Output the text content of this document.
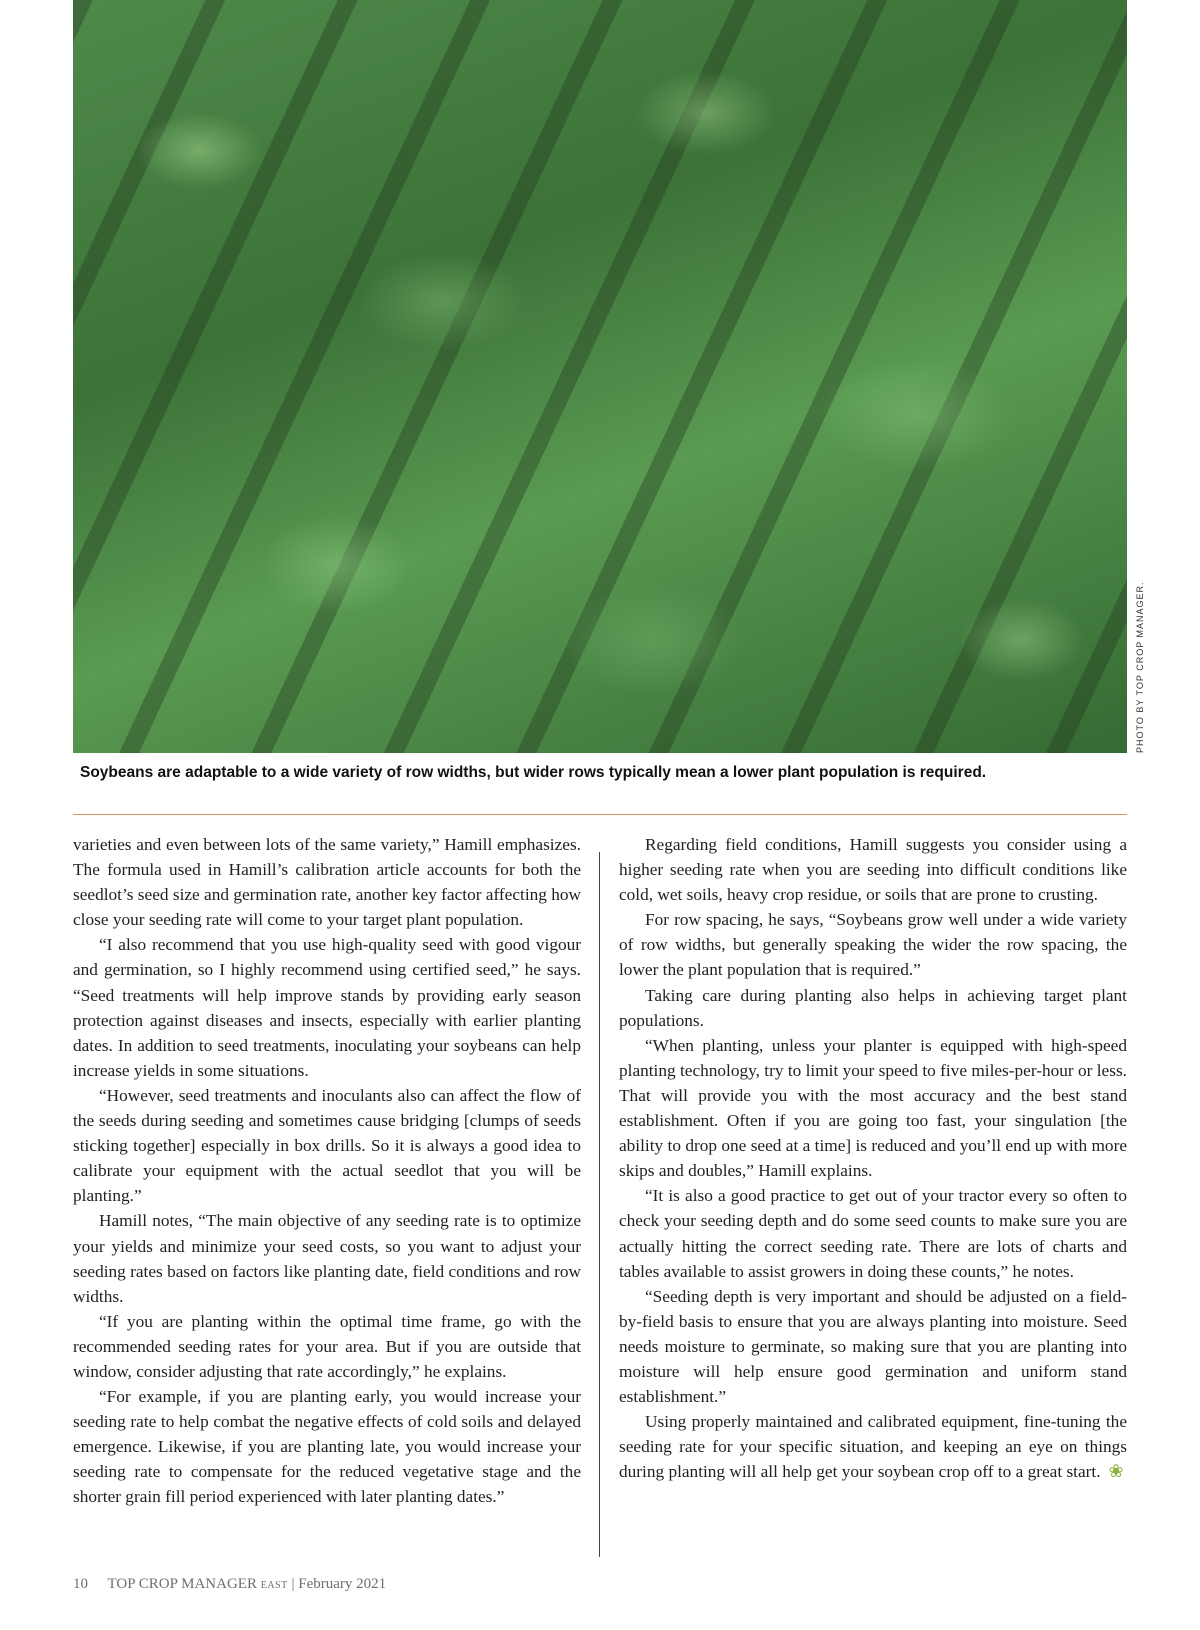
PHOTO BY TOP CROP MANAGER.
Soybeans are adaptable to a wide variety of row widths, but wider rows typically mean a lower plant population is required.

varieties and even between lots of the same variety,” Hamill emphasizes. The formula used in Hamill’s calibration article accounts for both the seedlot’s seed size and germination rate, another key factor affecting how close your seeding rate will come to your target plant population.

“I also recommend that you use high-quality seed with good vigour and germination, so I highly recommend using certified seed,” he says. “Seed treatments will help improve stands by providing early season protection against diseases and insects, especially with earlier planting dates. In addition to seed treatments, inoculating your soybeans can help increase yields in some situations.

“However, seed treatments and inoculants also can affect the flow of the seeds during seeding and sometimes cause bridging [clumps of seeds sticking together] especially in box drills. So it is always a good idea to calibrate your equipment with the actual seedlot that you will be planting.”

Hamill notes, “The main objective of any seeding rate is to optimize your yields and minimize your seed costs, so you want to adjust your seeding rates based on factors like planting date, field conditions and row widths.

“If you are planting within the optimal time frame, go with the recommended seeding rates for your area. But if you are outside that window, consider adjusting that rate accordingly,” he explains.

“For example, if you are planting early, you would increase your seeding rate to help combat the negative effects of cold soils and delayed emergence. Likewise, if you are planting late, you would increase your seeding rate to compensate for the reduced vegetative stage and the shorter grain fill period experienced with later planting dates.”

Regarding field conditions, Hamill suggests you consider using a higher seeding rate when you are seeding into difficult conditions like cold, wet soils, heavy crop residue, or soils that are prone to crusting.

For row spacing, he says, “Soybeans grow well under a wide variety of row widths, but generally speaking the wider the row spacing, the lower the plant population that is required.”

Taking care during planting also helps in achieving target plant populations.

“When planting, unless your planter is equipped with high-speed planting technology, try to limit your speed to five miles-per-hour or less. That will provide you with the most accuracy and the best stand establishment. Often if you are going too fast, your singulation [the ability to drop one seed at a time] is reduced and you’ll end up with more skips and doubles,” Hamill explains.

“It is also a good practice to get out of your tractor every so often to check your seeding depth and do some seed counts to make sure you are actually hitting the correct seeding rate. There are lots of charts and tables available to assist growers in doing these counts,” he notes.

“Seeding depth is very important and should be adjusted on a field-by-field basis to ensure that you are always planting into moisture. Seed needs moisture to germinate, so making sure that you are planting into moisture will help ensure good germination and uniform stand establishment.”

Using properly maintained and calibrated equipment, fine-tuning the seeding rate for your specific situation, and keeping an eye on things during planting will all help get your soybean crop off to a great start. ❀

10 TOP CROP MANAGER EAST | February 2021
